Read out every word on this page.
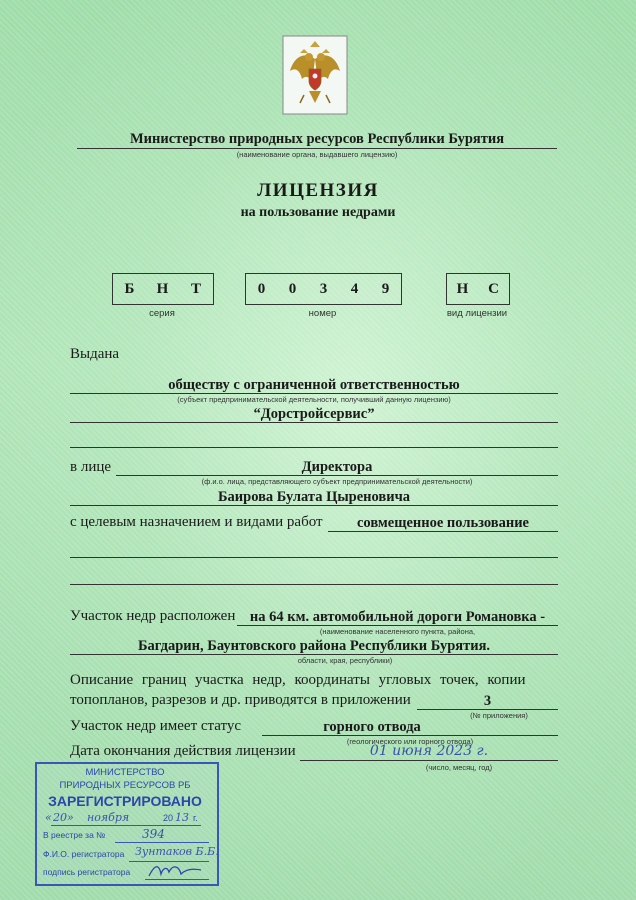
Министерство природных ресурсов Республики Бурятия
(наименование органа, выдавшего лицензию)
ЛИЦЕНЗИЯ
на пользование недрами
Б	Н	Т
серия
0	0	3	4	9
номер
Н	С
вид лицензии
Выдана
обществу с ограниченной ответственностью
(субъект предпринимательской деятельности, получивший данную лицензию)
“Дорстройсервис”
в лице	Директора
(ф.и.о. лица, представляющего субъект предпринимательской деятельности)
Баирова Булата Цыреновича
с целевым назначением и видами работ	совмещенное пользование
Участок недр расположен	на 64 км. автомобильной дороги Романовка -
(наименование населенного пункта, района,
Багдарин, Баунтовского района Республики Бурятия.
области, края, республики)
Описание границ участка недр, координаты угловых точек, копии
топопланов, разрезов и др. приводятся в приложении	3
(№ приложения)
Участок недр имеет статус	горного отвода
(геологического или горного отвода)
Дата окончания действия лицензии	01 июня 2023 г.
(число, месяц, год)
МИНИСТЕРСТВО
ПРИРОДНЫХ РЕСУРСОВ РБ
ЗАРЕГИСТРИРОВАНО
« 20 » ноября	20 13 г.
В реестре за №	394
Ф.И.О. регистратора Зунтаков Б.Б.
подпись регистратора
